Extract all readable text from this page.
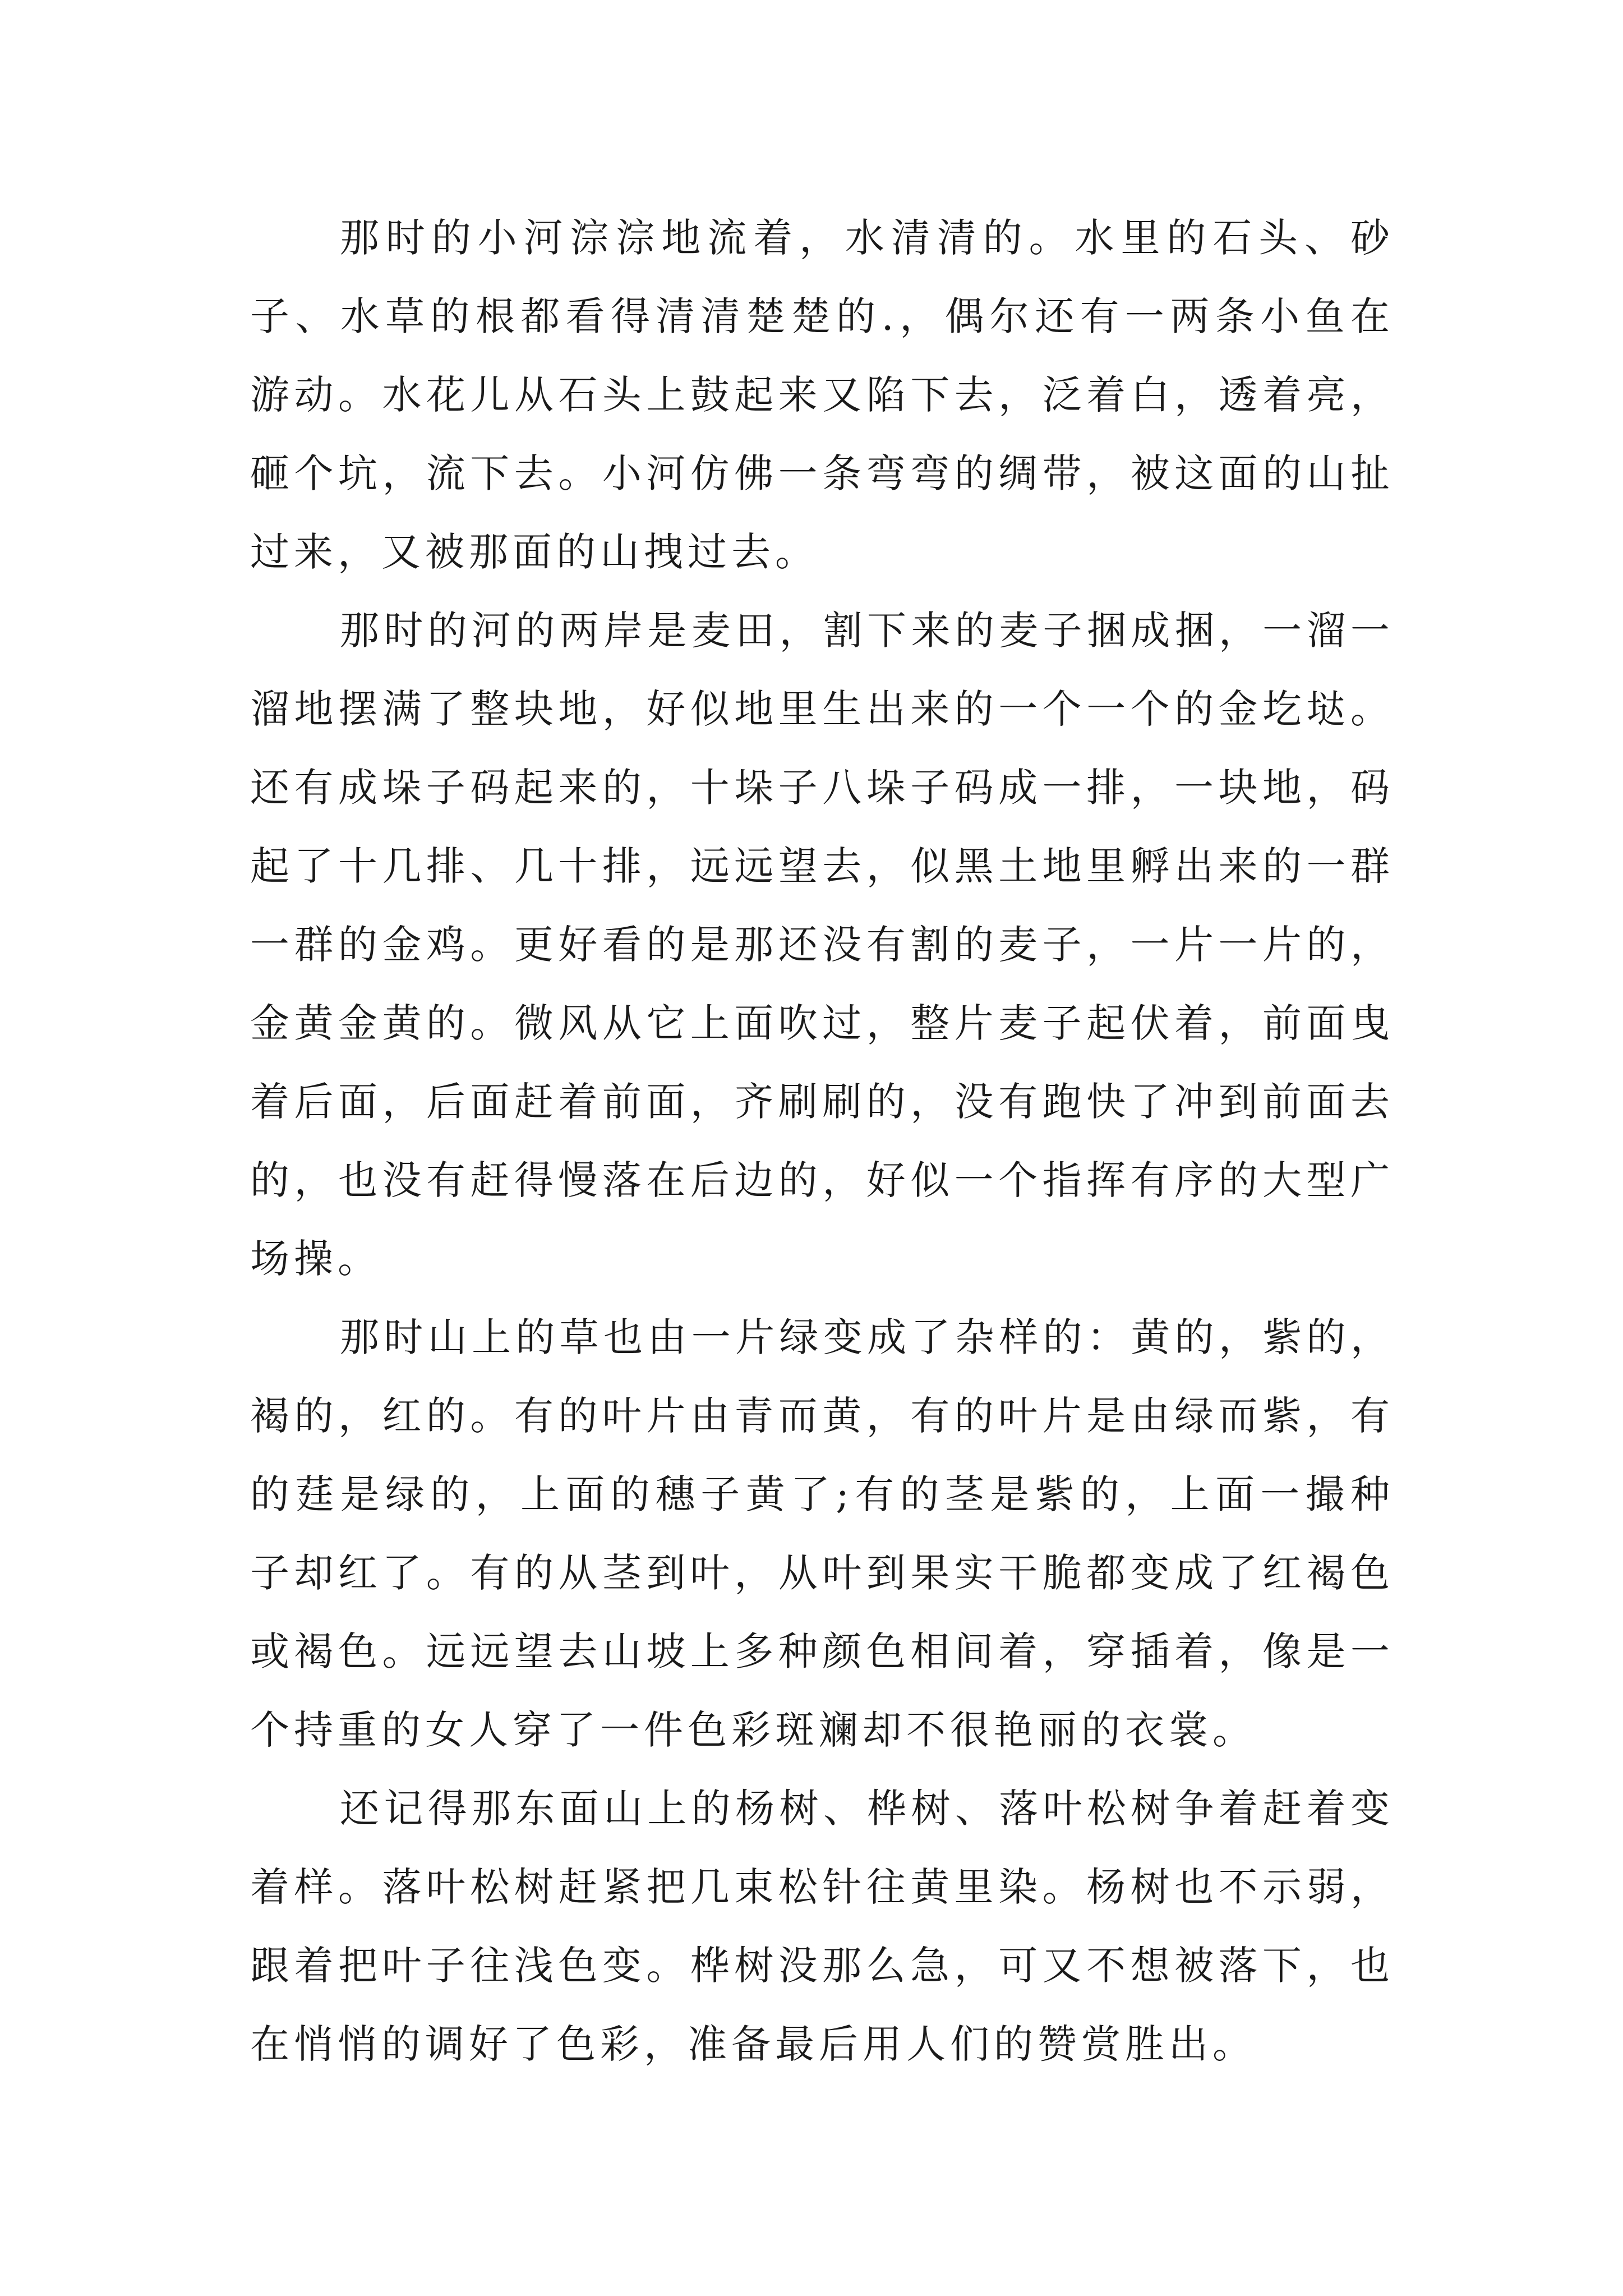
那时的小河淙淙地流着，水清清的。水里的石头、砂子、水草的根都看得清清楚楚的.，偶尔还有一两条小鱼在游动。水花儿从石头上鼓起来又陷下去，泛着白，透着亮，砸个坑，流下去。小河仿佛一条弯弯的绸带，被这面的山扯过来，又被那面的山拽过去。

那时的河的两岸是麦田，割下来的麦子捆成捆，一溜一溜地摆满了整块地，好似地里生出来的一个一个的金圪垯。还有成垛子码起来的，十垛子八垛子码成一排，一块地，码起了十几排、几十排，远远望去，似黑土地里孵出来的一群一群的金鸡。更好看的是那还没有割的麦子，一片一片的，金黄金黄的。微风从它上面吹过，整片麦子起伏着，前面曳着后面，后面赶着前面，齐刷刷的，没有跑快了冲到前面去的，也没有赶得慢落在后边的，好似一个指挥有序的大型广场操。

那时山上的草也由一片绿变成了杂样的：黄的，紫的，褐的，红的。有的叶片由青而黄，有的叶片是由绿而紫，有的莛是绿的，上面的穗子黄了;有的茎是紫的，上面一撮种子却红了。有的从茎到叶，从叶到果实干脆都变成了红褐色或褐色。远远望去山坡上多种颜色相间着，穿插着，像是一个持重的女人穿了一件色彩斑斓却不很艳丽的衣裳。

还记得那东面山上的杨树、桦树、落叶松树争着赶着变着样。落叶松树赶紧把几束松针往黄里染。杨树也不示弱，跟着把叶子往浅色变。桦树没那么急，可又不想被落下，也在悄悄的调好了色彩，准备最后用人们的赞赏胜出。
